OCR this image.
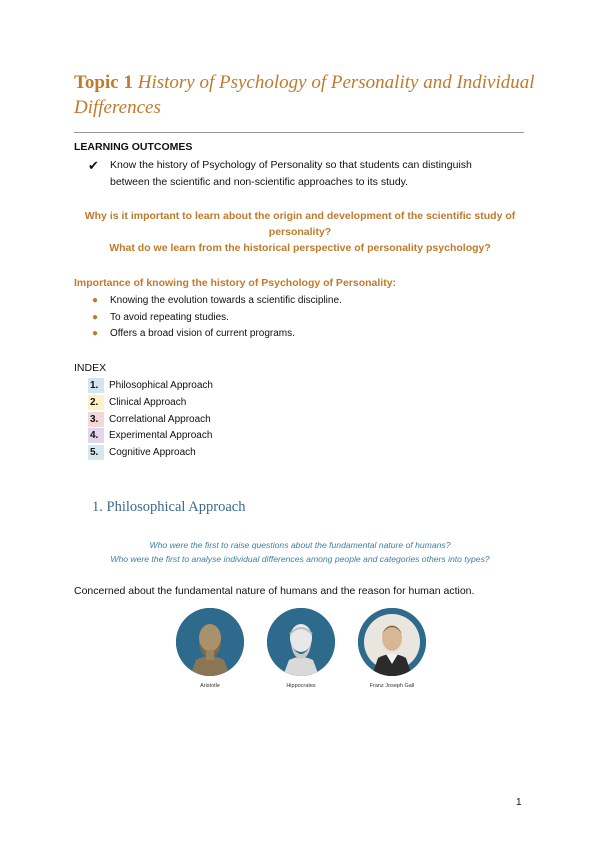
Topic 1 History of Psychology of Personality and Individual Differences
LEARNING OUTCOMES
✔ Know the history of Psychology of Personality so that students can distinguish between the scientific and non-scientific approaches to its study.
Why is it important to learn about the origin and development of the scientific study of personality?
What do we learn from the historical perspective of personality psychology?
Importance of knowing the history of Psychology of Personality:
● Knowing the evolution towards a scientific discipline.
● To avoid repeating studies.
● Offers a broad vision of current programs.
INDEX
1.	Philosophical Approach
2.	Clinical Approach
3.	Correlational Approach
4.	Experimental Approach
5.	Cognitive Approach
1. Philosophical Approach
Who were the first to raise questions about the fundamental nature of humans?
Who were the first to analyse individual differences among people and categories others into types?
Concerned about the fundamental nature of humans and the reason for human action.
Aristotle	Hippocrates	Franz Joseph Gall
1
